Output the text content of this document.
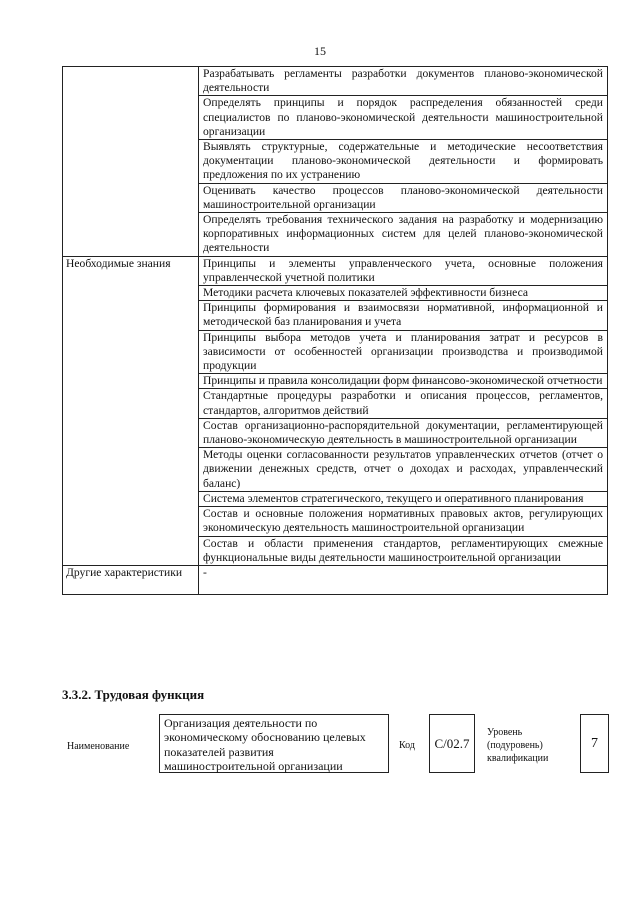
15
	Разрабатывать регламенты разработки документов планово-экономической деятельности
	Определять принципы и порядок распределения обязанностей среди специалистов по планово-экономической деятельности машиностроительной организации
	Выявлять структурные, содержательные и методические несоответствия документации планово-экономической деятельности и формировать предложения по их устранению
	Оценивать качество процессов планово-экономической деятельности машиностроительной организации
	Определять требования технического задания на разработку и модернизацию корпоративных информационных систем для целей планово-экономической деятельности
Необходимые знания	Принципы и элементы управленческого учета, основные положения управленческой учетной политики
	Методики расчета ключевых показателей эффективности бизнеса
	Принципы формирования и взаимосвязи нормативной, информационной и методической баз планирования и учета
	Принципы выбора методов учета и планирования затрат и ресурсов в зависимости от особенностей организации производства и производимой продукции
	Принципы и правила консолидации форм финансово-экономической отчетности
	Стандартные процедуры разработки и описания процессов, регламентов, стандартов, алгоритмов действий
	Состав организационно-распорядительной документации, регламентирующей планово-экономическую деятельность в машиностроительной организации
	Методы оценки согласованности результатов управленческих отчетов (отчет о движении денежных средств, отчет о доходах и расходах, управленческий баланс)
	Система элементов стратегического, текущего и оперативного планирования
	Состав и основные положения нормативных правовых актов, регулирующих экономическую деятельность машиностроительной организации
	Состав и области применения стандартов, регламентирующих смежные функциональные виды деятельности машиностроительной организации
Другие характеристики	-
3.3.2. Трудовая функция
Наименование
Организация деятельности по экономическому обоснованию целевых показателей развития машиностроительной организации
Код C/02.7
Уровень (подуровень) квалификации
7
